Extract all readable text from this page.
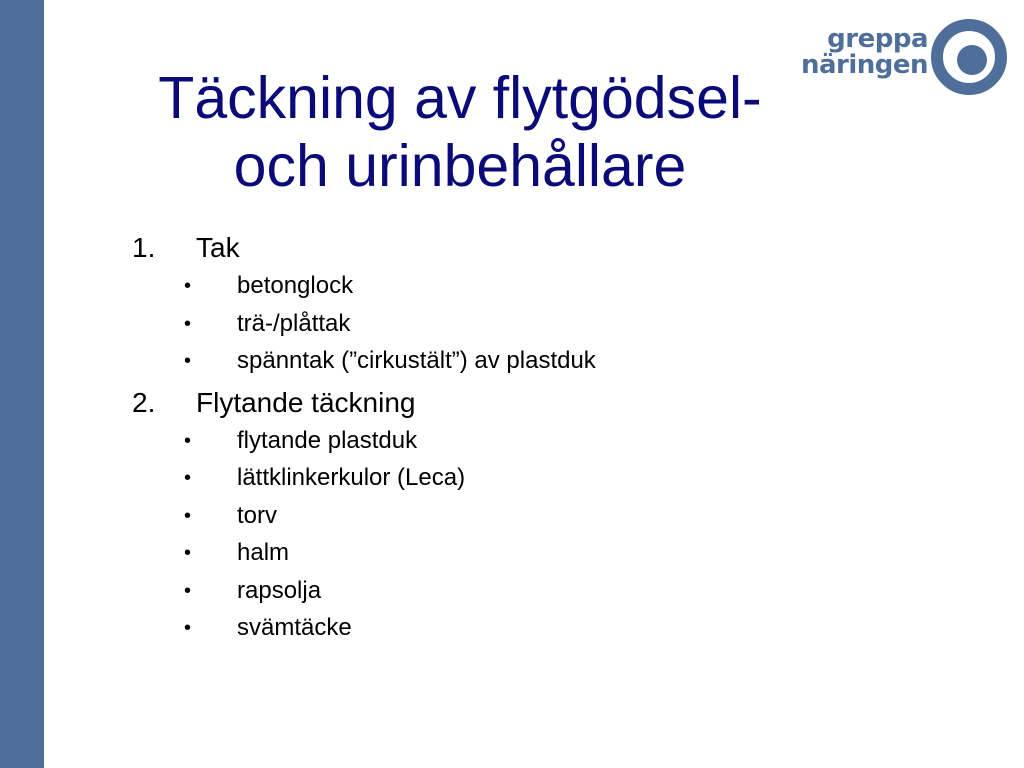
greppa
näringen
Täckning av flytgödsel-
och urinbehållare
1. Tak
• betonglock
• trä-/plåttak
• spänntak (”cirkustält”) av plastduk
2. Flytande täckning
• flytande plastduk
• lättklinkerkulor (Leca)
• torv
• halm
• rapsolja
• svämtäcke
